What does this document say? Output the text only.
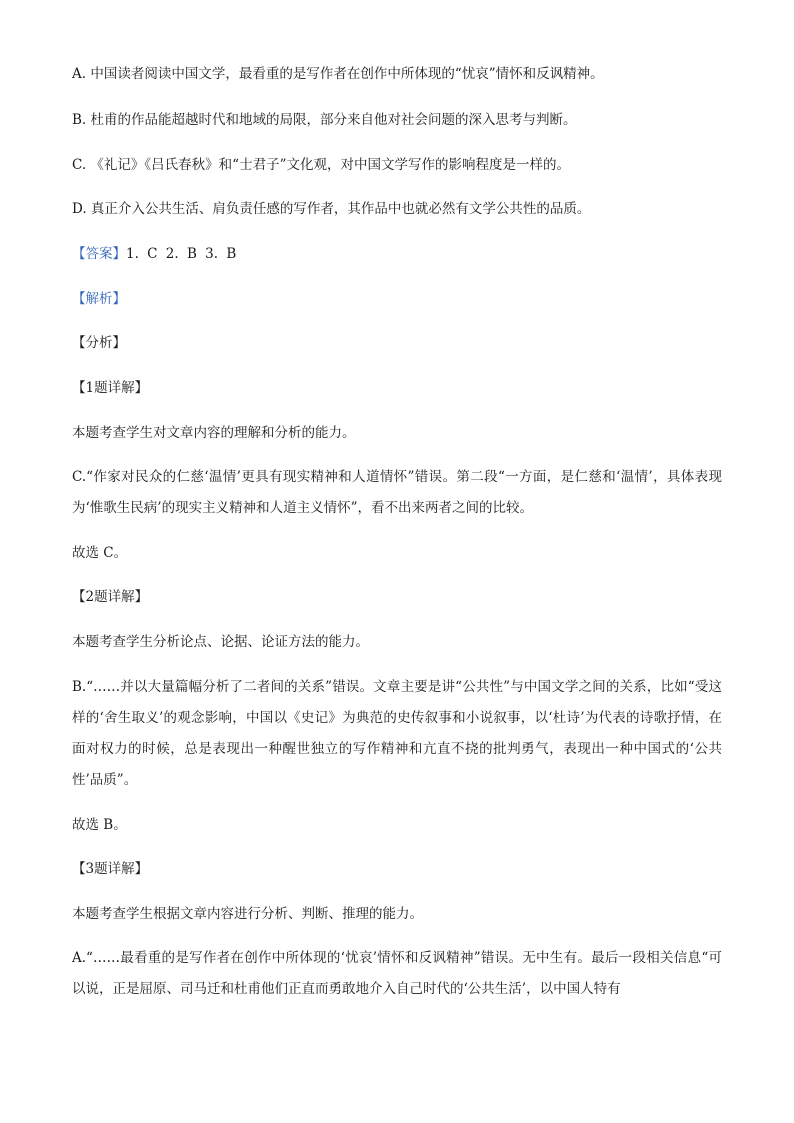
A. 中国读者阅读中国文学，最看重的是写作者在创作中所体现的“忧哀”情怀和反讽精神。
B. 杜甫的作品能超越时代和地域的局限，部分来自他对社会问题的深入思考与判断。
C. 《礼记》《吕氏春秋》和“士君子”文化观，对中国文学写作的影响程度是一样的。
D. 真正介入公共生活、肩负责任感的写作者，其作品中也就必然有文学公共性的品质。
【答案】1. C 2. B 3. B
【解析】
【分析】
【1题详解】
本题考查学生对文章内容的理解和分析的能力。
C.“作家对民众的仁慈‘温情’更具有现实精神和人道情怀”错误。第二段“一方面，是仁慈和‘温情’，具体表现为‘惟歌生民病’的现实主义精神和人道主义情怀”，看不出来两者之间的比较。
故选 C。
【2题详解】
本题考查学生分析论点、论据、论证方法的能力。
B.“……并以大量篇幅分析了二者间的关系”错误。文章主要是讲“公共性”与中国文学之间的关系，比如“受这样的‘舍生取义’的观念影响，中国以《史记》为典范的史传叙事和小说叙事，以‘杜诗’为代表的诗歌抒情，在面对权力的时候，总是表现出一种醒世独立的写作精神和亢直不挠的批判勇气，表现出一种中国式的‘公共性’品质”。
故选 B。
【3题详解】
本题考查学生根据文章内容进行分析、判断、推理的能力。
A.“……最看重的是写作者在创作中所体现的‘忧哀’情怀和反讽精神”错误。无中生有。最后一段相关信息“可以说，正是屈原、司马迁和杜甫他们正直而勇敢地介入自己时代的‘公共生活’，以中国人特有
